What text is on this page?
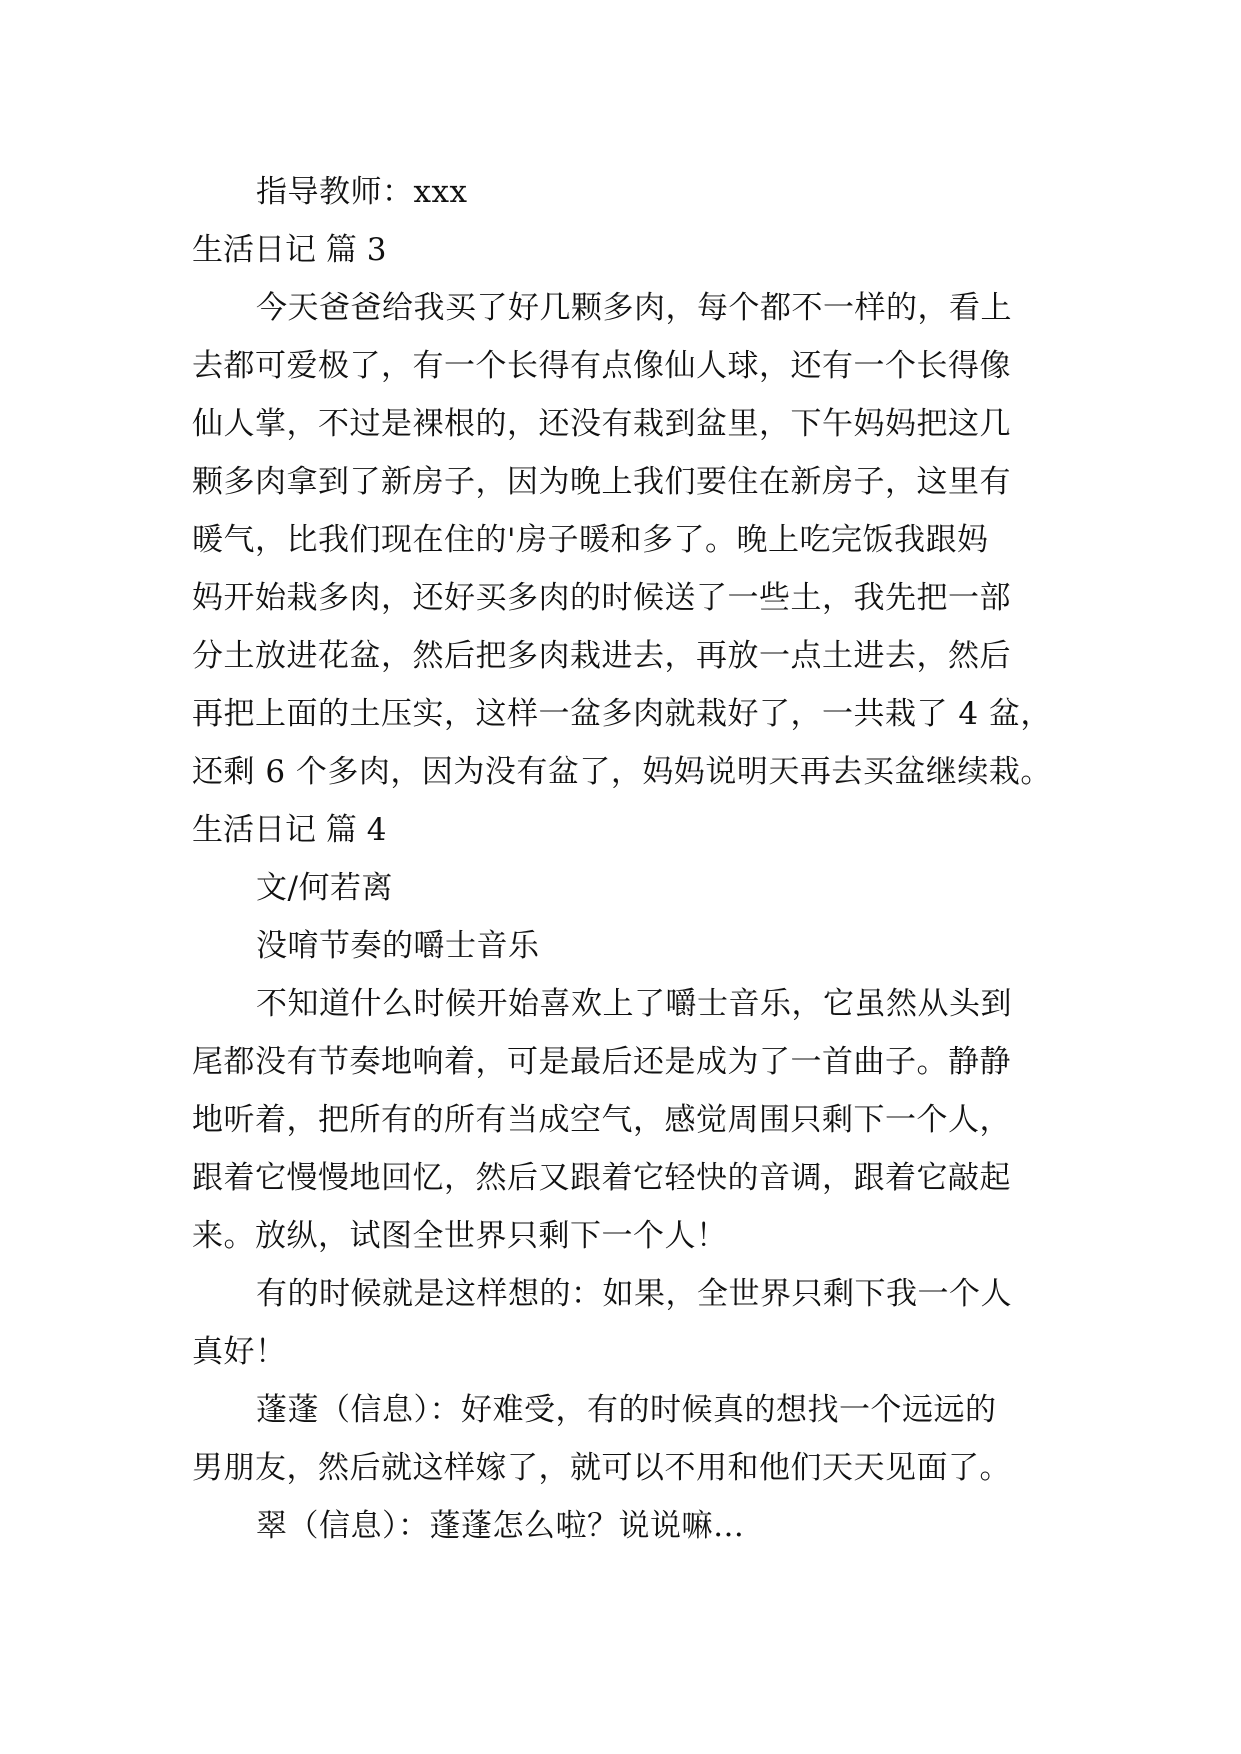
指导教师：xxx
生活日记 篇 3
今天爸爸给我买了好几颗多肉，每个都不一样的，看上
去都可爱极了，有一个长得有点像仙人球，还有一个长得像
仙人掌，不过是裸根的，还没有栽到盆里，下午妈妈把这几
颗多肉拿到了新房子，因为晚上我们要住在新房子，这里有
暖气，比我们现在住的'房子暖和多了。晚上吃完饭我跟妈
妈开始栽多肉，还好买多肉的时候送了一些土，我先把一部
分土放进花盆，然后把多肉栽进去，再放一点土进去，然后
再把上面的土压实，这样一盆多肉就栽好了，一共栽了 4 盆，
还剩 6 个多肉，因为没有盆了，妈妈说明天再去买盆继续栽。
生活日记 篇 4
文/何若离
没唷节奏的嚼士音乐
不知道什么时候开始喜欢上了嚼士音乐，它虽然从头到
尾都没有节奏地响着，可是最后还是成为了一首曲子。静静
地听着，把所有的所有当成空气，感觉周围只剩下一个人，
跟着它慢慢地回忆，然后又跟着它轻快的音调，跟着它敲起
来。放纵，试图全世界只剩下一个人！
有的时候就是这样想的：如果，全世界只剩下我一个人
真好！
蓬蓬（信息）：好难受，有的时候真的想找一个远远的
男朋友，然后就这样嫁了，就可以不用和他们天天见面了。
翠（信息）：蓬蓬怎么啦？说说嘛…
